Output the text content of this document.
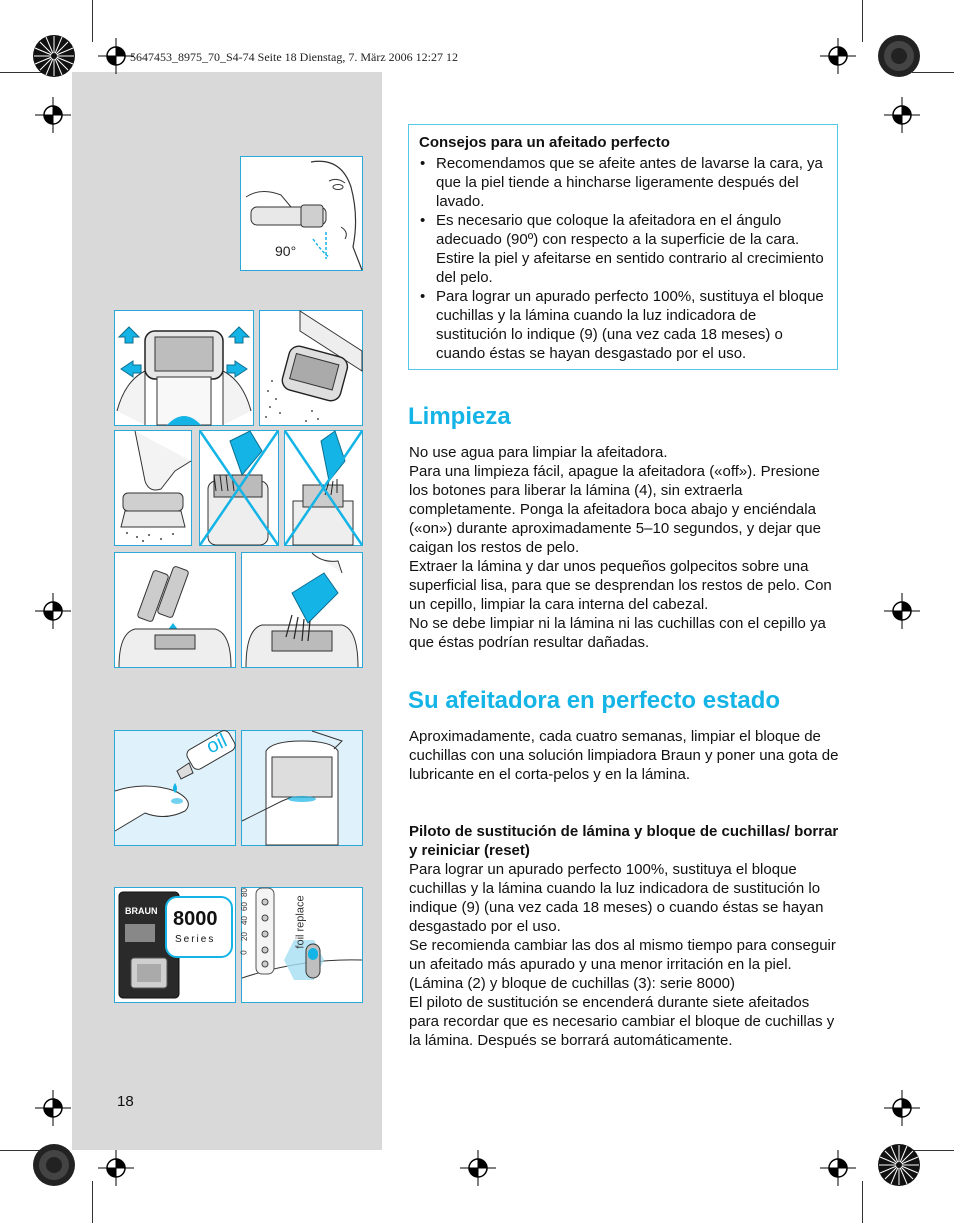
5647453_8975_70_S4-74 Seite 18 Dienstag, 7. März 2006 12:27 12
90°
oil
BRAUN 8000
Series
0
20
40
60
80
foil replace
Consejos para un afeitado perfecto
• Recomendamos que se afeite antes de lavarse la cara, ya que la piel tiende a hincharse ligeramente después del lavado.
• Es necesario que coloque la afeitadora en el ángulo adecuado (90º) con respecto a la superficie de la cara. Estire la piel y afeitarse en sentido contrario al crecimiento del pelo.
• Para lograr un apurado perfecto 100%, sustituya el bloque cuchillas y la lámina cuando la luz indicadora de sustitución lo indique (9) (una vez cada 18 meses) o cuando éstas se hayan desgastado por el uso.
Limpieza
No use agua para limpiar la afeitadora.
Para una limpieza fácil, apague la afeitadora («off»). Presione los botones para liberar la lámina (4), sin extraerla completamente. Ponga la afeitadora boca abajo y enciéndala («on») durante aproximadamente 5–10 segundos, y dejar que caigan los restos de pelo.
Extraer la lámina y dar unos pequeños golpecitos sobre una superficial lisa, para que se desprendan los restos de pelo. Con un cepillo, limpiar la cara interna del cabezal.
No se debe limpiar ni la lámina ni las cuchillas con el cepillo ya que éstas podrían resultar dañadas.
Su afeitadora en perfecto estado
Aproximadamente, cada cuatro semanas, limpiar el bloque de cuchillas con una solución limpiadora Braun y poner una gota de lubricante en el corta-pelos y en la lámina.
Piloto de sustitución de lámina y bloque de cuchillas/ borrar y reiniciar (reset)
Para lograr un apurado perfecto 100%, sustituya el bloque cuchillas y la lámina cuando la luz indicadora de sustitución lo indique (9) (una vez cada 18 meses) o cuando éstas se hayan desgastado por el uso.
Se recomienda cambiar las dos al mismo tiempo para conseguir un afeitado más apurado y una menor irritación en la piel.
(Lámina (2) y bloque de cuchillas (3): serie 8000)
El piloto de sustitución se encenderá durante siete afeitados para recordar que es necesario cambiar el bloque de cuchillas y la lámina. Después se borrará automáticamente.
18
